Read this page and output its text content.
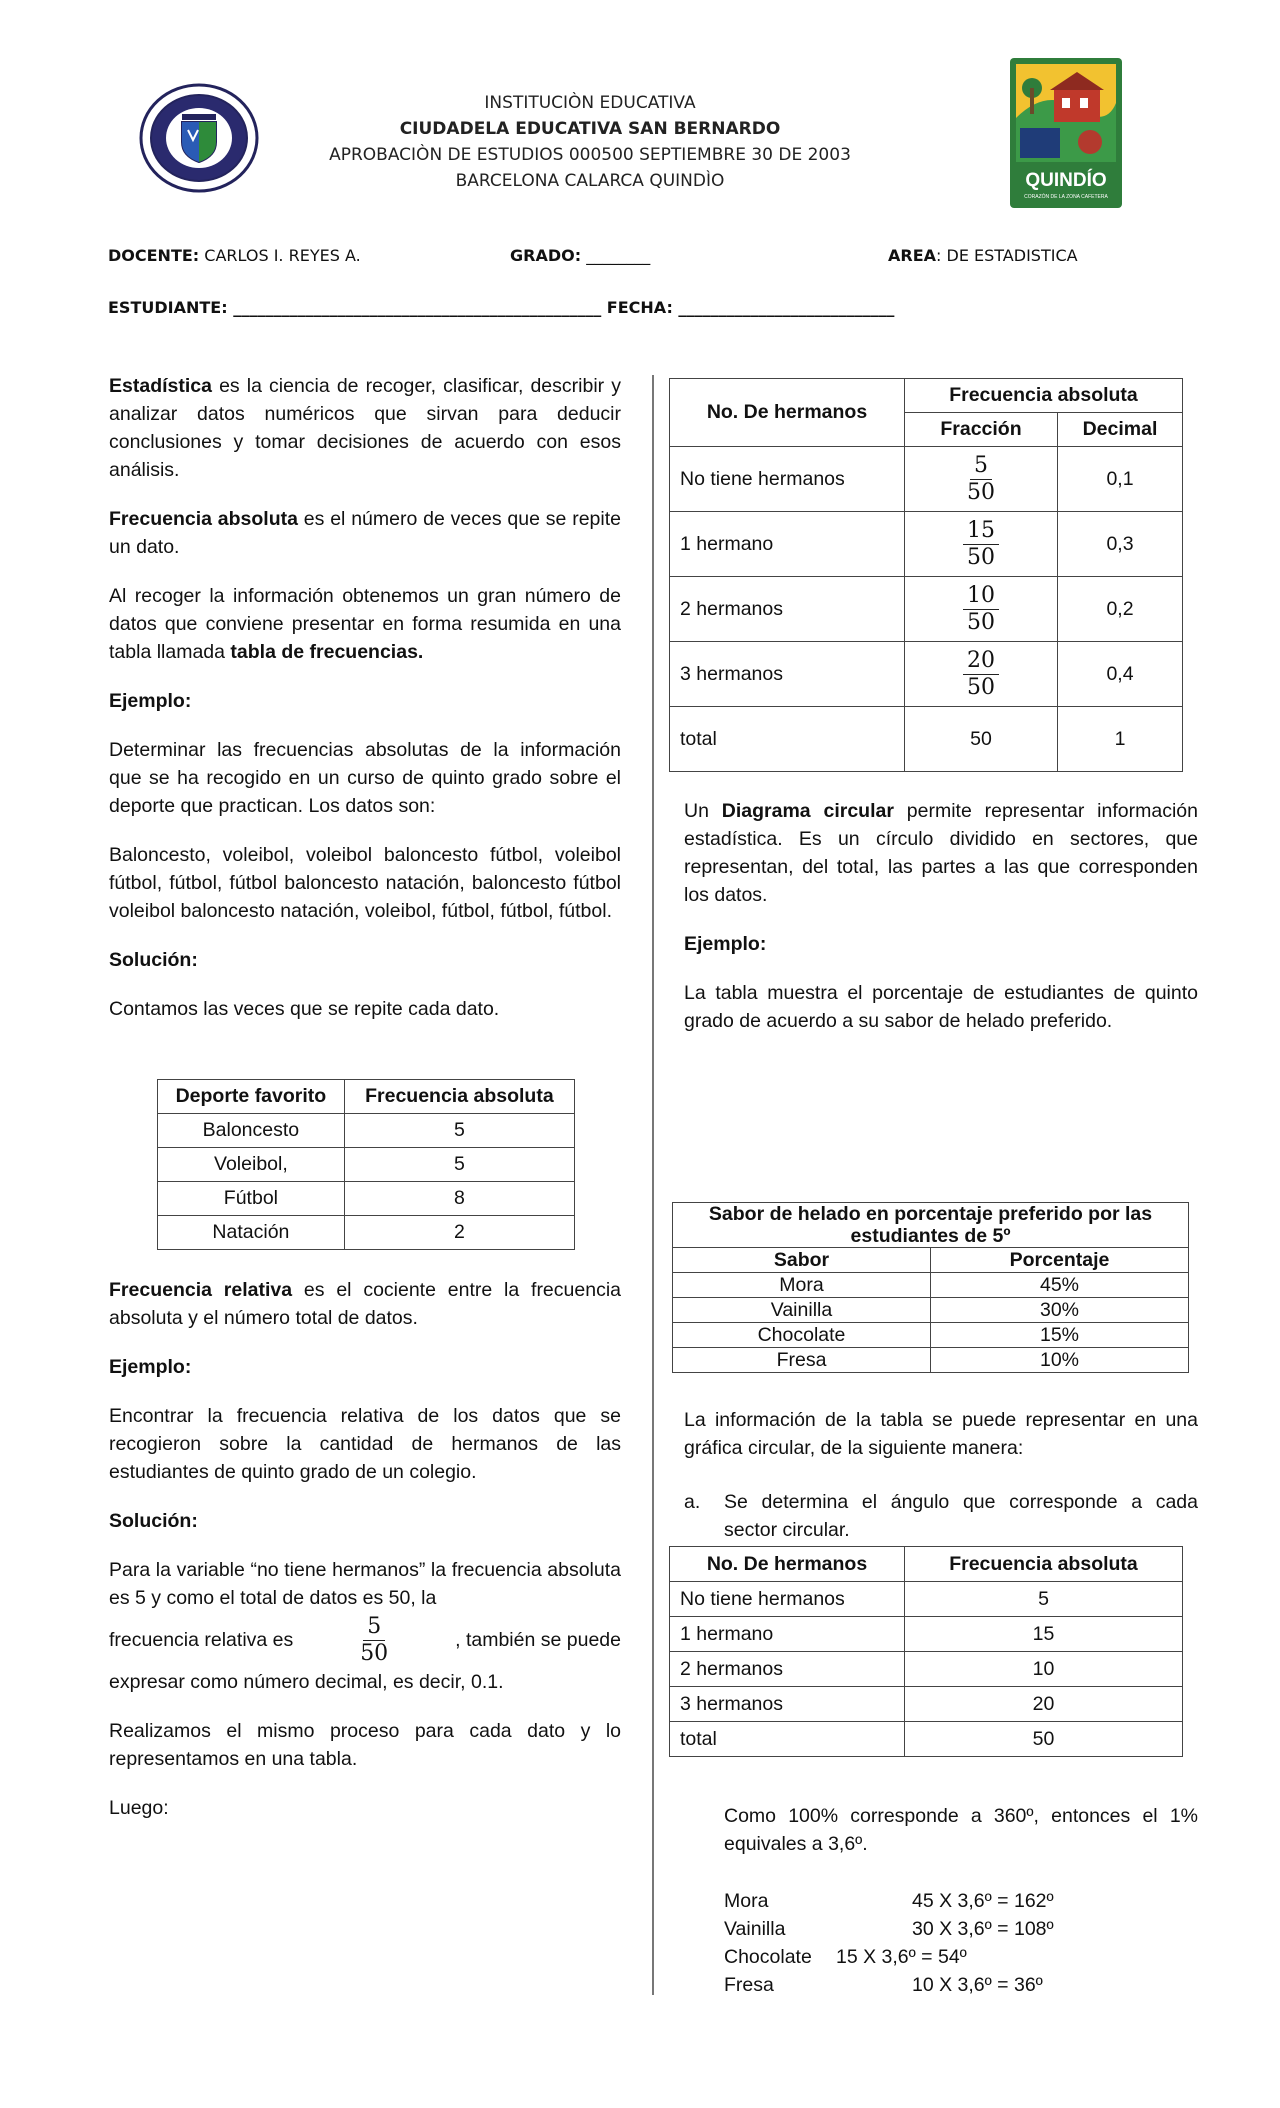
INSTITUCIÒN EDUCATIVA
CIUDADELA EDUCATIVA SAN BERNARDO
APROBACIÒN DE ESTUDIOS 000500 SEPTIEMBRE 30 DE 2003
BARCELONA CALARCA QUINDÌO	QUINDÍO
CORAZÓN DE LA ZONA CAFETERA
DOCENTE: CARLOS I. REYES A.	GRADO: ________	AREA: DE ESTADISTICA
ESTUDIANTE: ______________________________________________ FECHA: ___________________________

Estadística es la ciencia de recoger, clasificar, describir y analizar datos numéricos que sirvan para deducir conclusiones y tomar decisiones de acuerdo con esos análisis.

Frecuencia absoluta es el número de veces que se repite un dato.

Al recoger la información obtenemos un gran número de datos que conviene presentar en forma resumida en una tabla llamada tabla de frecuencias.

Ejemplo:

Determinar las frecuencias absolutas de la información que se ha recogido en un curso de quinto grado sobre el deporte que practican. Los datos son:

Baloncesto, voleibol, voleibol baloncesto fútbol, voleibol fútbol, fútbol, fútbol baloncesto natación, baloncesto fútbol voleibol baloncesto natación, voleibol, fútbol, fútbol, fútbol.

Solución:

Contamos las veces que se repite cada dato.

Deporte favorito	Frecuencia absoluta
Baloncesto	5
Voleibol,	5
Fútbol	8
Natación	2

Frecuencia relativa es el cociente entre la frecuencia absoluta y el número total de datos.

Ejemplo:

Encontrar la frecuencia relativa de los datos que se recogieron sobre la cantidad de hermanos de las estudiantes de quinto grado de un colegio.

Solución:

Para la variable “no tiene hermanos” la frecuencia absoluta es 5 y como el total de datos es 50, la

frecuencia relativa es	$\frac{5}{50}$	, también se puede

expresar como número decimal, es decir, 0.1.

Realizamos el mismo proceso para cada dato y lo representamos en una tabla.

Luego:

No. De hermanos	Frecuencia absoluta	
	Fracción	Decimal
No tiene hermanos	$\frac{5}{50}$	0,1
1 hermano	$\frac{15}{50}$	0,3
2 hermanos	$\frac{10}{50}$	0,2
3 hermanos	$\frac{20}{50}$	0,4
total	50	1

Un Diagrama circular permite representar información estadística. Es un círculo dividido en sectores, que representan, del total, las partes a las que corresponden los datos.

Ejemplo:

La tabla muestra el porcentaje de estudiantes de quinto grado de acuerdo a su sabor de helado preferido.

Sabor de helado en porcentaje preferido por las estudiantes de 5º	
Sabor	Porcentaje
Mora	45%
Vainilla	30%
Chocolate	15%
Fresa	10%

La información de la tabla se puede representar en una gráfica circular, de la siguiente manera:

a. Se determina el ángulo que corresponde a cada sector circular.

No. De hermanos	Frecuencia absoluta
No tiene hermanos	5
1 hermano	15
2 hermanos	10
3 hermanos	20
total	50

Como 100% corresponde a 360º, entonces el 1% equivales a 3,6º.

Mora	45 X 3,6º = 162º
Vainilla	30 X 3,6º = 108º
Chocolate 15 X 3,6º = 54º
Fresa	10 X 3,6º = 36º
